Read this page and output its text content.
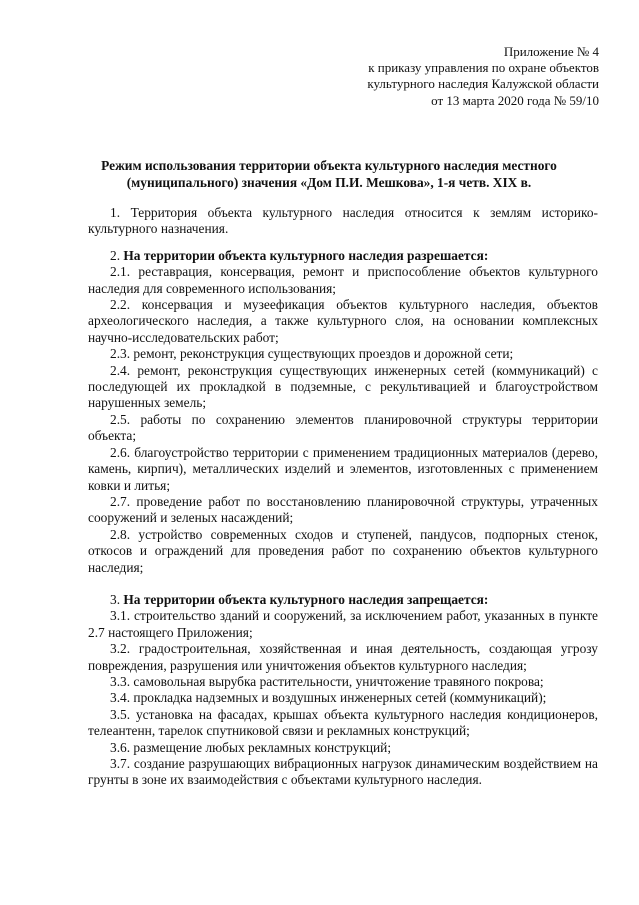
Приложение № 4
к приказу управления по охране объектов
культурного наследия Калужской области
от 13 марта 2020 года № 59/10
Режим использования территории объекта культурного наследия местного
(муниципального) значения «Дом П.И. Мешкова», 1-я четв. XIX в.

1. Территория объекта культурного наследия относится к землям историко-культурного назначения.

2. На территории объекта культурного наследия разрешается:

2.1. реставрация, консервация, ремонт и приспособление объектов культурного наследия для современного использования;

2.2. консервация и музеефикация объектов культурного наследия, объектов археологического наследия, а также культурного слоя, на основании комплексных научно-исследовательских работ;

2.3. ремонт, реконструкция существующих проездов и дорожной сети;

2.4. ремонт, реконструкция существующих инженерных сетей (коммуникаций) с последующей их прокладкой в подземные, с рекультивацией и благоустройством нарушенных земель;

2.5. работы по сохранению элементов планировочной структуры территории объекта;

2.6. благоустройство территории с применением традиционных материалов (дерево, камень, кирпич), металлических изделий и элементов, изготовленных с применением ковки и литья;

2.7. проведение работ по восстановлению планировочной структуры, утраченных сооружений и зеленых насаждений;

2.8. устройство современных сходов и ступеней, пандусов, подпорных стенок, откосов и ограждений для проведения работ по сохранению объектов культурного наследия;

3. На территории объекта культурного наследия запрещается:

3.1. строительство зданий и сооружений, за исключением работ, указанных в пункте 2.7 настоящего Приложения;

3.2. градостроительная, хозяйственная и иная деятельность, создающая угрозу повреждения, разрушения или уничтожения объектов культурного наследия;

3.3. самовольная вырубка растительности, уничтожение травяного покрова;

3.4. прокладка надземных и воздушных инженерных сетей (коммуникаций);

3.5. установка на фасадах, крышах объекта культурного наследия кондиционеров, телеантенн, тарелок спутниковой связи и рекламных конструкций;

3.6. размещение любых рекламных конструкций;

3.7. создание разрушающих вибрационных нагрузок динамическим воздействием на грунты в зоне их взаимодействия с объектами культурного наследия.
